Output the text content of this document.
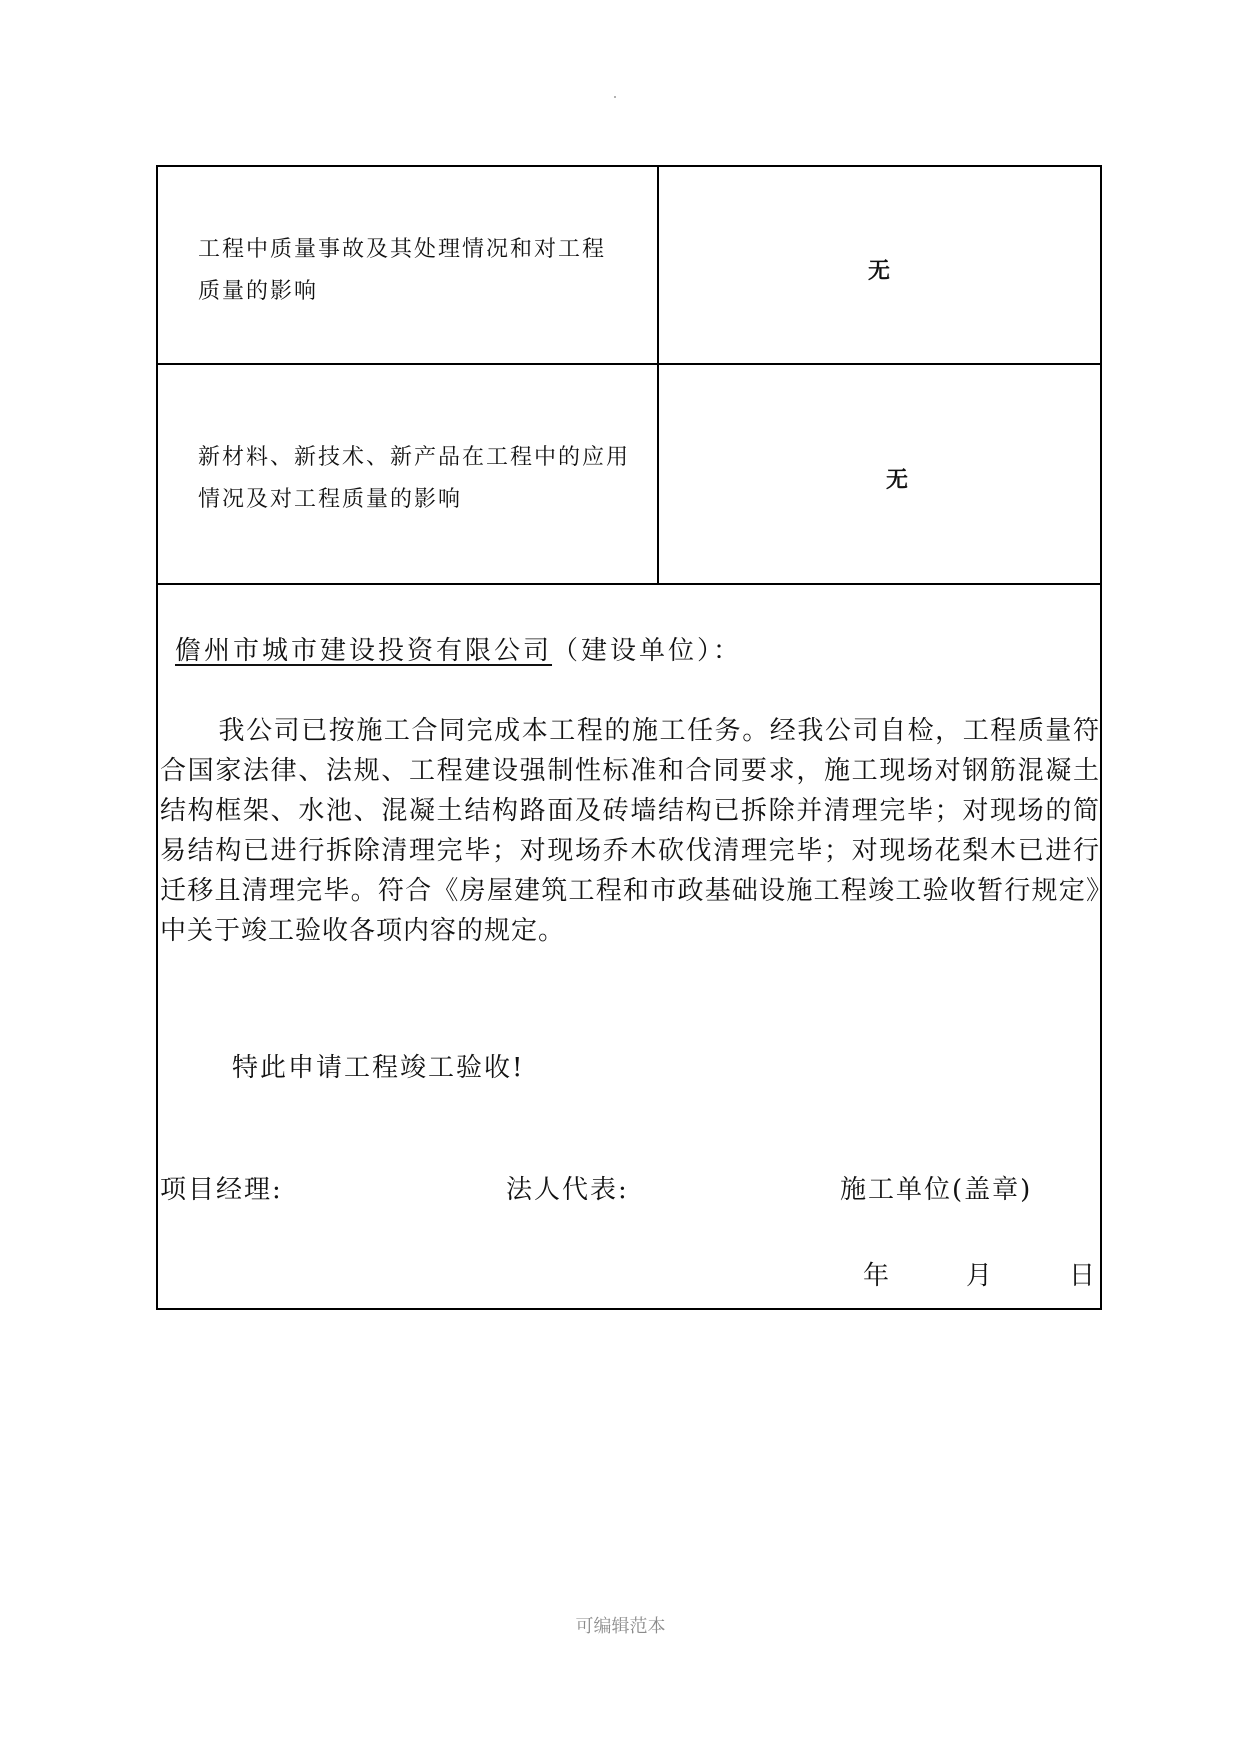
工程中质量事故及其处理情况和对工程
质量的影响
无
新材料、新技术、新产品在工程中的应用
情况及对工程质量的影响
无
儋州市城市建设投资有限公司（建设单位）：
我公司已按施工合同完成本工程的施工任务。经我公司自检，工程质量符合国家法律、法规、工程建设强制性标准和合同要求，施工现场对钢筋混凝土结构框架、水池、混凝土结构路面及砖墙结构已拆除并清理完毕；对现场的简易结构已进行拆除清理完毕；对现场乔木砍伐清理完毕；对现场花梨木已进行迁移且清理完毕。符合《房屋建筑工程和市政基础设施工程竣工验收暂行规定》中关于竣工验收各项内容的规定。
特此申请工程竣工验收!
项目经理:	法人代表:	施工单位(盖章)
年	月	日
可编辑范本
